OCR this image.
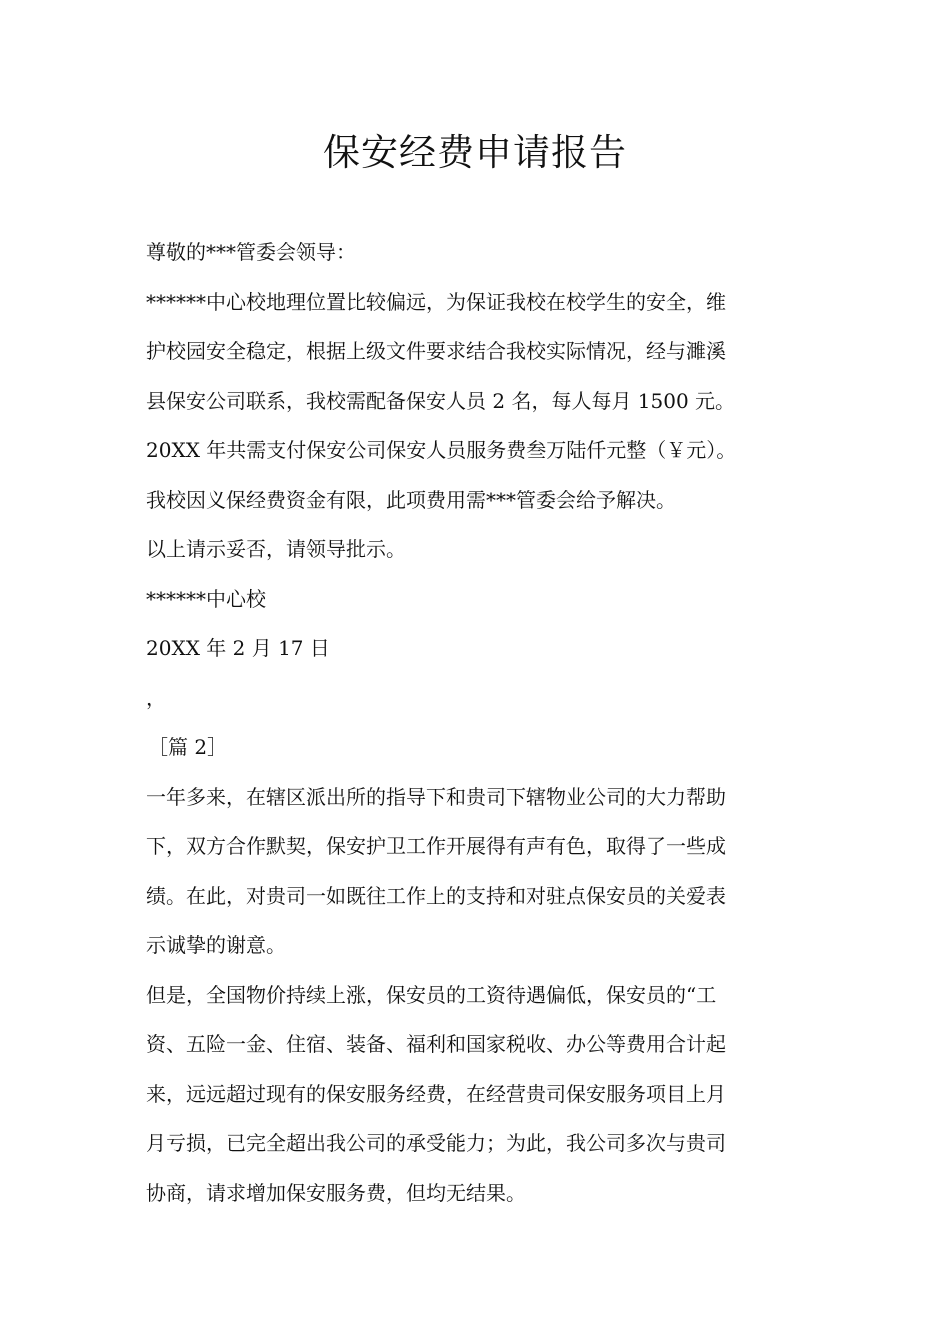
保安经费申请报告
尊敬的***管委会领导：
******中心校地理位置比较偏远，为保证我校在校学生的安全，维
护校园安全稳定，根据上级文件要求结合我校实际情况，经与濉溪
县保安公司联系，我校需配备保安人员 2 名，每人每月 1500 元。
20XX 年共需支付保安公司保安人员服务费叁万陆仟元整（￥元）。
我校因义保经费资金有限，此项费用需***管委会给予解决。
以上请示妥否，请领导批示。
******中心校
20XX 年 2 月 17 日
，
［篇 2］
一年多来，在辖区派出所的指导下和贵司下辖物业公司的大力帮助
下，双方合作默契，保安护卫工作开展得有声有色，取得了一些成
绩。在此，对贵司一如既往工作上的支持和对驻点保安员的关爱表
示诚挚的谢意。
但是，全国物价持续上涨，保安员的工资待遇偏低，保安员的“工
资、五险一金、住宿、装备、福利和国家税收、办公等费用合计起
来，远远超过现有的保安服务经费，在经营贵司保安服务项目上月
月亏损，已完全超出我公司的承受能力；为此，我公司多次与贵司
协商，请求增加保安服务费，但均无结果。
